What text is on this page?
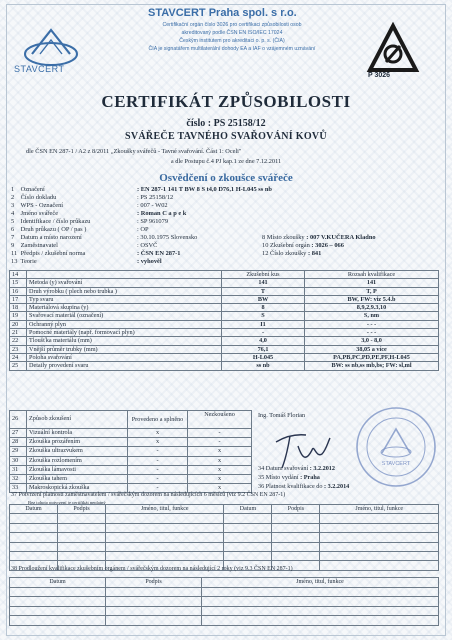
STAVCERT
STAVCERT Praha spol. s r.o.
Certifikační orgán číslo 3026 pro certifikaci způsobilosti osob
akreditovaný podle ČSN EN ISO/IEC 17024
Českým institutem pro akreditaci o. p. s. (ČIA)
ČIA je signatářem multilaterální dohody EA a IAF o vzájemném uznávání
P 3026
CERTIFIKÁT ZPŮSOBILOSTI
číslo : PS 25158/12
SVÁŘEČE TAVNÉHO SVAŘOVÁNÍ KOVŮ
dle ČSN EN 287-1 / A2 z 8/2011 „Zkoušky svářečů - Tavné svařování. Část 1: Oceli"
a dle Postupu č.4 PJ kap.1 ze dne 7.12.2011
Osvědčení o zkoušce svářeče
1 Označení	: EN 287-1 141 T BW 8 S t4,0 D76,1 H-L045 ss nb
2 Číslo dokladu	: PS 25158/12
3 WPS - Označení	: 007 - W02
4 Jméno svářeče	: Roman C a p e k
5 Identifikace / číslo průkazu	: SP 961079
6 Druh průkazu ( OP / pas )	: OP
7 Datum a místo narození	: 30.10.1975 Slovensko
9 Zaměstnavatel	: OSVČ
11 Předpis / zkušební norma	: ČSN EN 287-1
13 Teorie	: vyhověl
8 Místo zkoušky : 007 V.KUČERA Kladno
10 Zkušební orgán : 3026 – 066
12 Číslo zkoušky : 841
14		Zkušební kus	Rozsah kvalifikace
15	Metoda (y) svařování	141	141
16	Druh výrobku ( plech nebo trubka )	T	T, P
17	Typ svaru	BW	BW, FW: viz 5.4.b
18	Materiálová skupina (y)	8	8,9,2,9.3,10
19	Svařovací materiál (označení)	S	S, nm
20	Ochranný plyn	I1	- - -
21	Pomocné materiály (např. formovací plyn)	-	- - -
22	Tloušťka materiálu (mm)	4,0	3,0 - 8,0
23	Vnější průměr trubky (mm)	76,1	38,05 a více
24	Poloha svařování	H-L045	PA,PB,PC,PD,PE,PF,H-L045
25	Detaily provedení svaru	ss nb	BW: ss nb,ss mb,bs; FW: sl,ml
26	Způsob zkoušení	Provedeno a splněno	Nezkoušeno
27	Vizuální kontrola	x	-
28	Zkouška prozářením	x	-
29	Zkouška ultrazvukem	-	x
30	Zkouška rozlomením	-	x
31	Zkouška lámavosti	-	x
32	Zkouška tahem	-	x
33	Makroskopická zkouška	-	x
Ing. Tomáš Florian
STAVCERT
34 Datum svařování : 3.2.2012
35 Místo vydání : Praha
36 Platnost kvalifikace do : 3.2.2014
37 Potvrzení platnosti zaměstnavatelem / svářečským dozorem na následujících 6 měsíců (viz 9.2 ČSN EN 287-1)
Bez tohoto potvrzení je certifikát neplatný
Datum	Podpis	Jméno, titul, funkce	Datum	Podpis	Jméno, titul, funkce

38 Prodloužení kvalifikace zkušebním orgánem / svářečským dozorem na následující 2 roky (viz 9.3 ČSN EN 287-1)
Datum	Podpis	Jméno, titul, funkce
